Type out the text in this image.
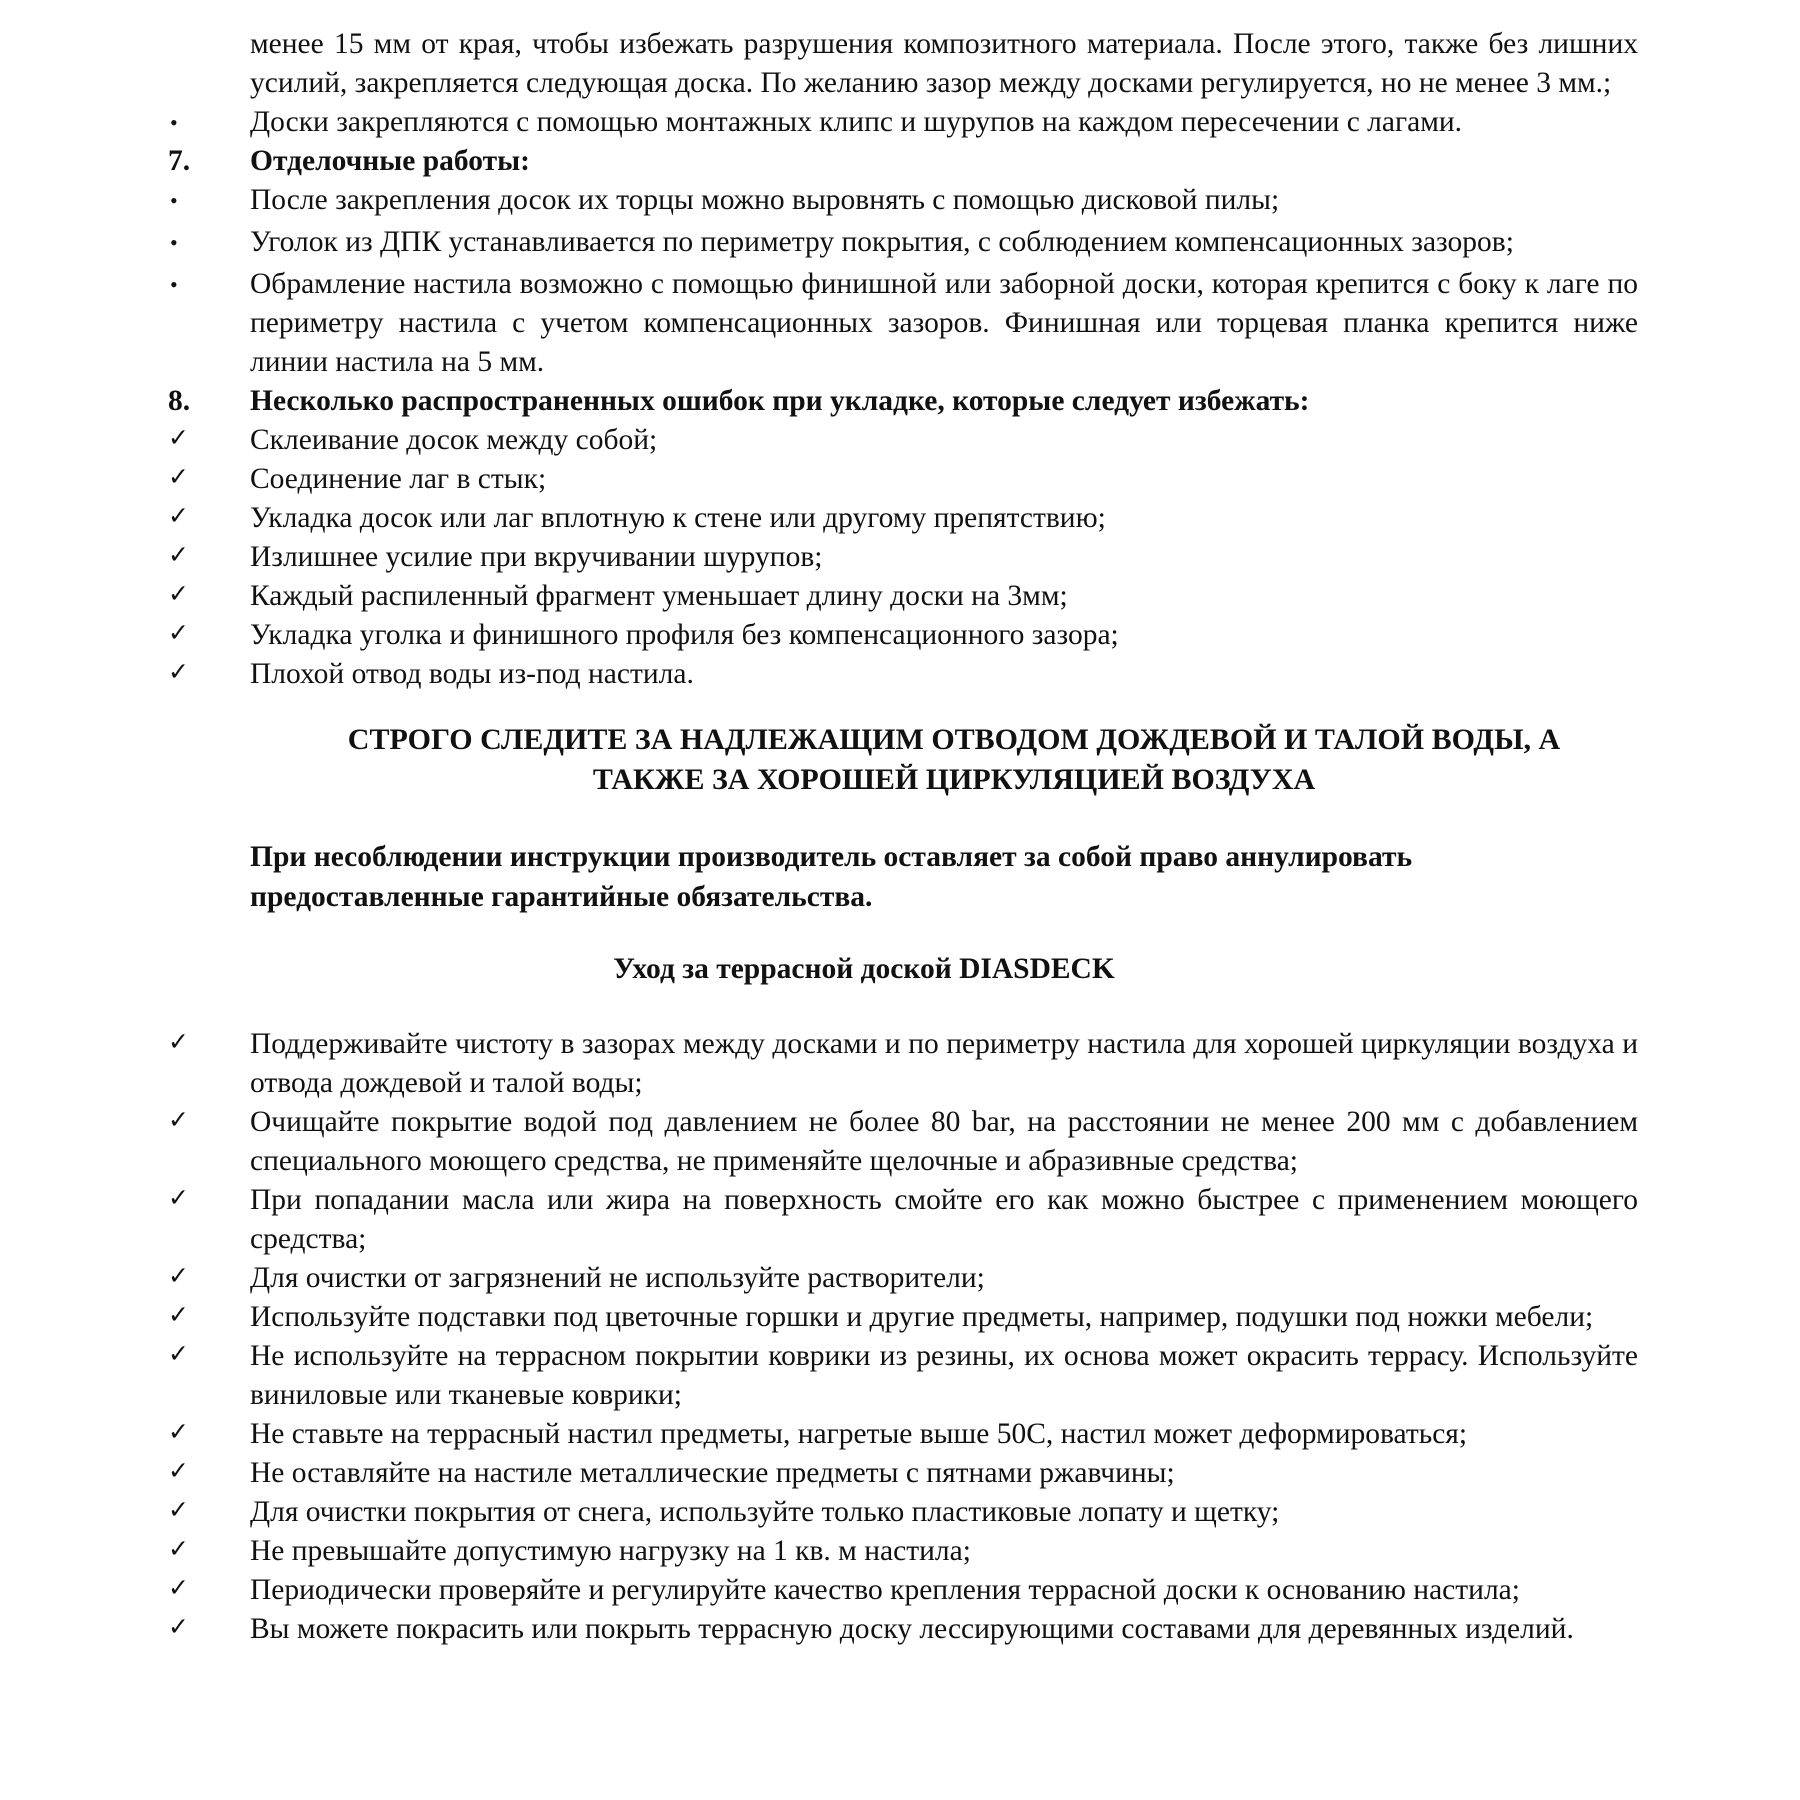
менее 15 мм от края, чтобы избежать разрушения композитного материала. После этого, также без лишних усилий, закрепляется следующая доска. По желанию зазор между досками регулируется, но не менее 3 мм.;

•	Доски закрепляются с помощью монтажных клипс и шурупов на каждом пересечении с лагами.
7.	Отделочные работы:
•	После закрепления досок их торцы можно выровнять с помощью дисковой пилы;
•	Уголок из ДПК устанавливается по периметру покрытия, с соблюдением компенсационных зазоров;
•	Обрамление настила возможно с помощью финишной или заборной доски, которая крепится с боку к лаге по периметру настила с учетом компенсационных зазоров. Финишная или торцевая планка крепится ниже линии настила на 5 мм.
8.	Несколько распространенных ошибок при укладке, которые следует избежать:
✓	Склеивание досок между собой;
✓	Соединение лаг в стык;
✓	Укладка досок или лаг вплотную к стене или другому препятствию;
✓	Излишнее усилие при вкручивании шурупов;
✓	Каждый распиленный фрагмент уменьшает длину доски на 3мм;
✓	Укладка уголка и финишного профиля без компенсационного зазора;
✓	Плохой отвод воды из-под настила.

СТРОГО СЛЕДИТЕ ЗА НАДЛЕЖАЩИМ ОТВОДОМ ДОЖДЕВОЙ И ТАЛОЙ ВОДЫ, А

ТАКЖЕ ЗА ХОРОШЕЙ ЦИРКУЛЯЦИЕЙ ВОЗДУХА

При несоблюдении инструкции производитель оставляет за собой право аннулировать

предоставленные гарантийные обязательства.

Уход за террасной доской DIASDECK

✓	Поддерживайте чистоту в зазорах между досками и по периметру настила для хорошей циркуляции воздуха и отвода дождевой и талой воды;
✓	Очищайте покрытие водой под давлением не более 80 bar, на расстоянии не менее 200 мм с добавлением специального моющего средства, не применяйте щелочные и абразивные средства;
✓	При попадании масла или жира на поверхность смойте его как можно быстрее с применением моющего средства;
✓	Для очистки от загрязнений не используйте растворители;
✓	Используйте подставки под цветочные горшки и другие предметы, например, подушки под ножки мебели;
✓	Не используйте на террасном покрытии коврики из резины, их основа может окрасить террасу. Используйте виниловые или тканевые коврики;
✓	Не ставьте на террасный настил предметы, нагретые выше 50С, настил может деформироваться;
✓	Не оставляйте на настиле металлические предметы с пятнами ржавчины;
✓	Для очистки покрытия от снега, используйте только пластиковые лопату и щетку;
✓	Не превышайте допустимую нагрузку на 1 кв. м настила;
✓	Периодически проверяйте и регулируйте качество крепления террасной доски к основанию настила;
✓	Вы можете покрасить или покрыть террасную доску лессирующими составами для деревянных изделий.
